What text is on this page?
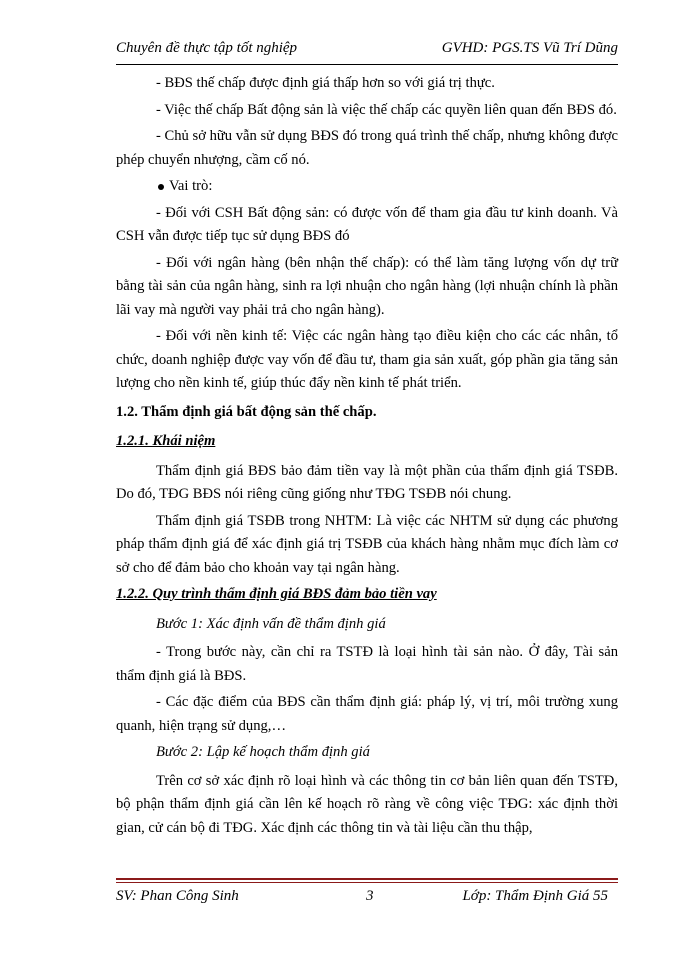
Chuyên đề thực tập tốt nghiệp	GVHD: PGS.TS Vũ Trí Dũng

- BĐS thế chấp được định giá thấp hơn so với giá trị thực.

- Việc thế chấp Bất động sản là việc thế chấp các quyền liên quan đến BĐS đó.

- Chủ sở hữu vẫn sử dụng BĐS đó trong quá trình thế chấp, nhưng không được phép chuyển nhượng, cầm cố nó.

Vai trò:

- Đối với CSH Bất động sản: có được vốn để tham gia đầu tư kinh doanh. Và CSH vẫn được tiếp tục sử dụng BĐS đó

- Đối với ngân hàng (bên nhận thế chấp): có thể làm tăng lượng vốn dự trữ bằng tài sản của ngân hàng, sinh ra lợi nhuận cho ngân hàng (lợi nhuận chính là phần lãi vay mà người vay phải trả cho ngân hàng).

- Đối với nền kinh tế: Việc các ngân hàng tạo điều kiện cho các các nhân, tổ chức, doanh nghiệp được vay vốn để đầu tư, tham gia sản xuất, góp phần gia tăng sản lượng cho nền kinh tế, giúp thúc đẩy nền kinh tế phát triển.

1.2. Thẩm định giá bất động sản thế chấp.
1.2.1. Khái niệm

Thẩm định giá BĐS bảo đảm tiền vay là một phần của thẩm định giá TSĐB. Do đó, TĐG BĐS nói riêng cũng giống như TĐG TSĐB nói chung.

Thẩm định giá TSĐB trong NHTM: Là việc các NHTM sử dụng các phương pháp thẩm định giá để xác định giá trị TSĐB của khách hàng nhằm mục đích làm cơ sở cho để đảm bảo cho khoản vay tại ngân hàng.

1.2.2. Quy trình thẩm định giá BĐS đảm bảo tiền vay
Bước 1: Xác định vấn đề thẩm định giá

- Trong bước này, cần chỉ ra TSTĐ là loại hình tài sản nào. Ở đây, Tài sản thẩm định giá là BĐS.

- Các đặc điểm của BĐS cần thẩm định giá: pháp lý, vị trí, môi trường xung quanh, hiện trạng sử dụng,…

Bước 2: Lập kế hoạch thẩm định giá

Trên cơ sở xác định rõ loại hình và các thông tin cơ bản liên quan đến TSTĐ, bộ phận thẩm định giá cần lên kế hoạch rõ ràng về công việc TĐG: xác định thời gian, cử cán bộ đi TĐG. Xác định các thông tin và tài liệu cần thu thập,

SV: Phan Công Sinh	3	Lớp: Thẩm Định Giá 55
